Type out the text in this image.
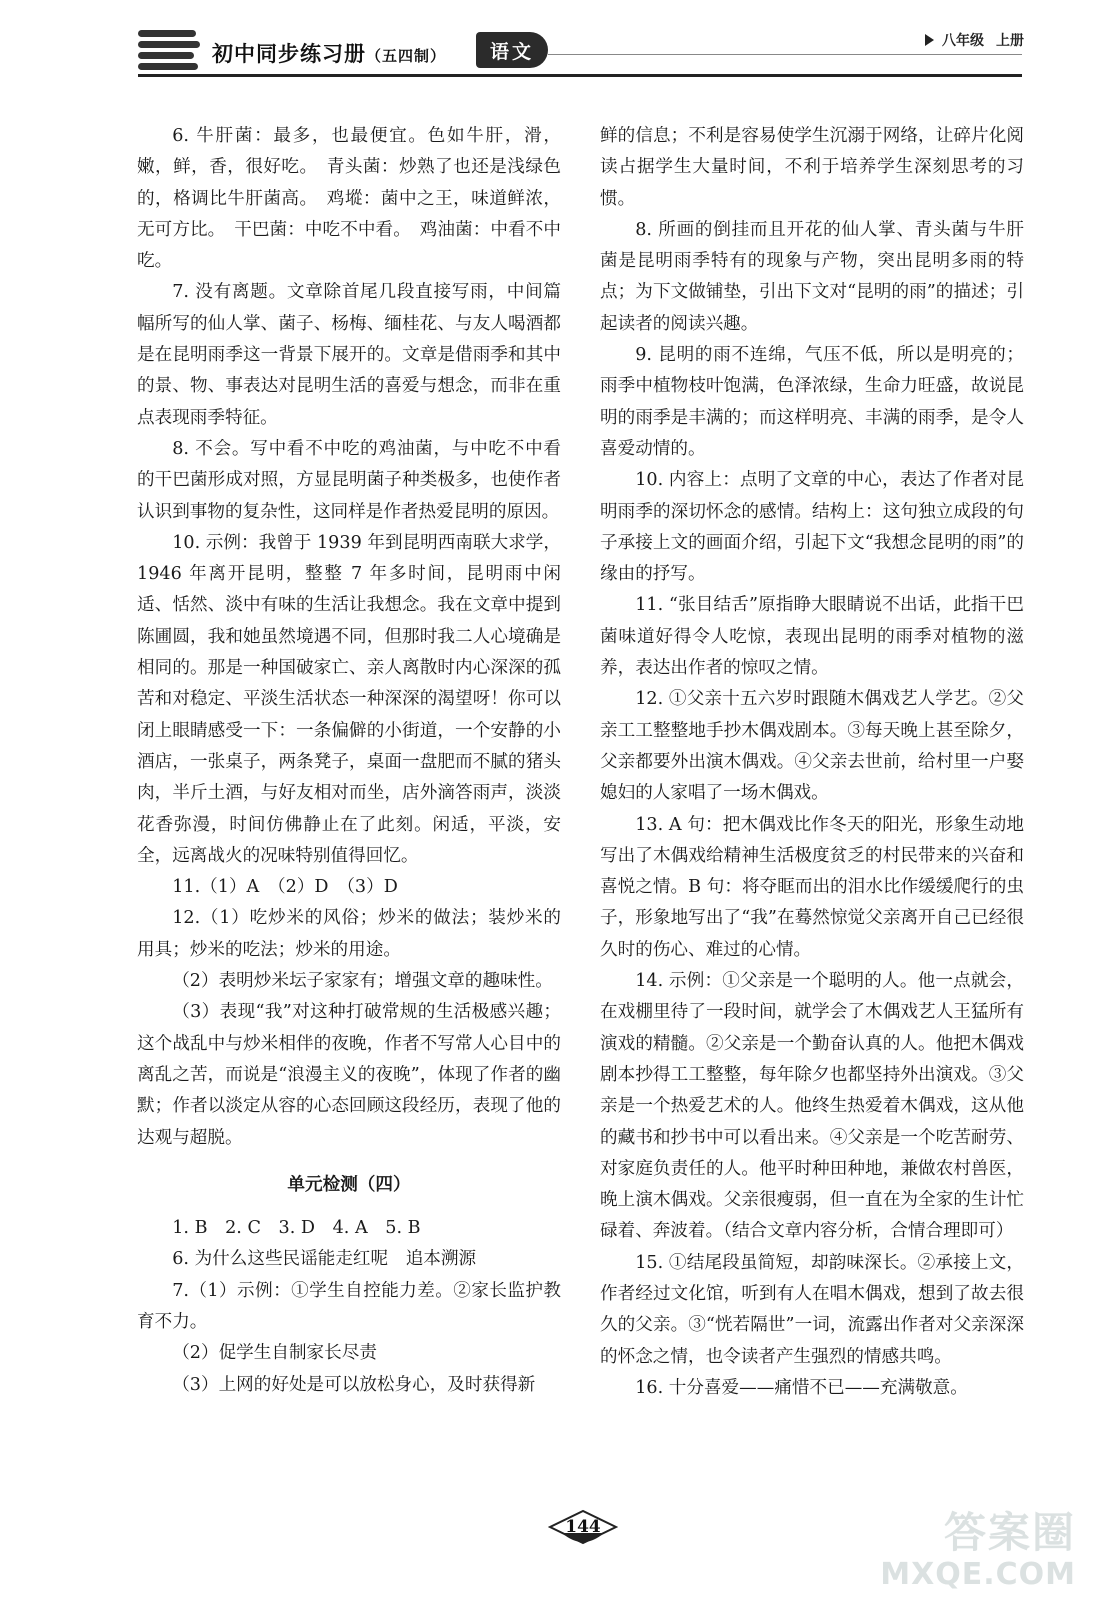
初中同步练习册（五四制）	语文	八年级 上册
6. 牛肝菌：最多，也最便宜。色如牛肝，滑，嫩，鲜，香，很好吃。　青头菌：炒熟了也还是浅绿色的，格调比牛肝菌高。　鸡㙡：菌中之王，味道鲜浓，无可方比。　干巴菌：中吃不中看。　鸡油菌：中看不中吃。
7. 没有离题。文章除首尾几段直接写雨，中间篇幅所写的仙人掌、菌子、杨梅、缅桂花、与友人喝酒都是在昆明雨季这一背景下展开的。文章是借雨季和其中的景、物、事表达对昆明生活的喜爱与想念，而非在重点表现雨季特征。
8. 不会。写中看不中吃的鸡油菌，与中吃不中看的干巴菌形成对照，方显昆明菌子种类极多，也使作者认识到事物的复杂性，这同样是作者热爱昆明的原因。
10. 示例：我曾于 1939 年到昆明西南联大求学，1946 年离开昆明，整整 7 年多时间，昆明雨中闲适、恬然、淡中有味的生活让我想念。我在文章中提到陈圃圆，我和她虽然境遇不同，但那时我二人心境确是相同的。那是一种国破家亡、亲人离散时内心深深的孤苦和对稳定、平淡生活状态一种深深的渴望呀！你可以闭上眼睛感受一下：一条偏僻的小街道，一个安静的小酒店，一张桌子，两条凳子，桌面一盘肥而不腻的猪头肉，半斤土酒，与好友相对而坐，店外滴答雨声，淡淡花香弥漫，时间仿佛静止在了此刻。闲适，平淡，安全，远离战火的况味特别值得回忆。
11.（1）A　（2）D　（3）D
12.（1）吃炒米的风俗；炒米的做法；装炒米的用具；炒米的吃法；炒米的用途。
（2）表明炒米坛子家家有；增强文章的趣味性。
（3）表现“我”对这种打破常规的生活极感兴趣；这个战乱中与炒米相伴的夜晚，作者不写常人心目中的离乱之苦，而说是“浪漫主义的夜晚”，体现了作者的幽默；作者以淡定从容的心态回顾这段经历，表现了他的达观与超脱。
单元检测（四）
1. B　2. C　3. D　4. A　5. B
6. 为什么这些民谣能走红呢　追本溯源
7.（1）示例：①学生自控能力差。②家长监护教育不力。
（2）促学生自制家长尽责
（3）上网的好处是可以放松身心，及时获得新
鲜的信息；不利是容易使学生沉溺于网络，让碎片化阅读占据学生大量时间，不利于培养学生深刻思考的习惯。
8. 所画的倒挂而且开花的仙人掌、青头菌与牛肝菌是昆明雨季特有的现象与产物，突出昆明多雨的特点；为下文做铺垫，引出下文对“昆明的雨”的描述；引起读者的阅读兴趣。
9. 昆明的雨不连绵，气压不低，所以是明亮的；雨季中植物枝叶饱满，色泽浓绿，生命力旺盛，故说昆明的雨季是丰满的；而这样明亮、丰满的雨季，是令人喜爱动情的。
10. 内容上：点明了文章的中心，表达了作者对昆明雨季的深切怀念的感情。结构上：这句独立成段的句子承接上文的画面介绍，引起下文“我想念昆明的雨”的缘由的抒写。
11. “张目结舌”原指睁大眼睛说不出话，此指干巴菌味道好得令人吃惊，表现出昆明的雨季对植物的滋养，表达出作者的惊叹之情。
12. ①父亲十五六岁时跟随木偶戏艺人学艺。②父亲工工整整地手抄木偶戏剧本。③每天晚上甚至除夕，父亲都要外出演木偶戏。④父亲去世前，给村里一户娶媳妇的人家唱了一场木偶戏。
13. A 句：把木偶戏比作冬天的阳光，形象生动地写出了木偶戏给精神生活极度贫乏的村民带来的兴奋和喜悦之情。B 句：将夺眶而出的泪水比作缓缓爬行的虫子，形象地写出了“我”在蓦然惊觉父亲离开自己已经很久时的伤心、难过的心情。
14. 示例：①父亲是一个聪明的人。他一点就会，在戏棚里待了一段时间，就学会了木偶戏艺人王猛所有演戏的精髓。②父亲是一个勤奋认真的人。他把木偶戏剧本抄得工工整整，每年除夕也都坚持外出演戏。③父亲是一个热爱艺术的人。他终生热爱着木偶戏，这从他的藏书和抄书中可以看出来。④父亲是一个吃苦耐劳、对家庭负责任的人。他平时种田种地，兼做农村兽医，晚上演木偶戏。父亲很瘦弱，但一直在为全家的生计忙碌着、奔波着。（结合文章内容分析，合情合理即可）
15. ①结尾段虽简短，却韵味深长。②承接上文，作者经过文化馆，听到有人在唱木偶戏，想到了故去很久的父亲。③“恍若隔世”一词，流露出作者对父亲深深的怀念之情，也令读者产生强烈的情感共鸣。
16. 十分喜爱——痛惜不已——充满敬意。
144	答案圈
MXQE.COM
